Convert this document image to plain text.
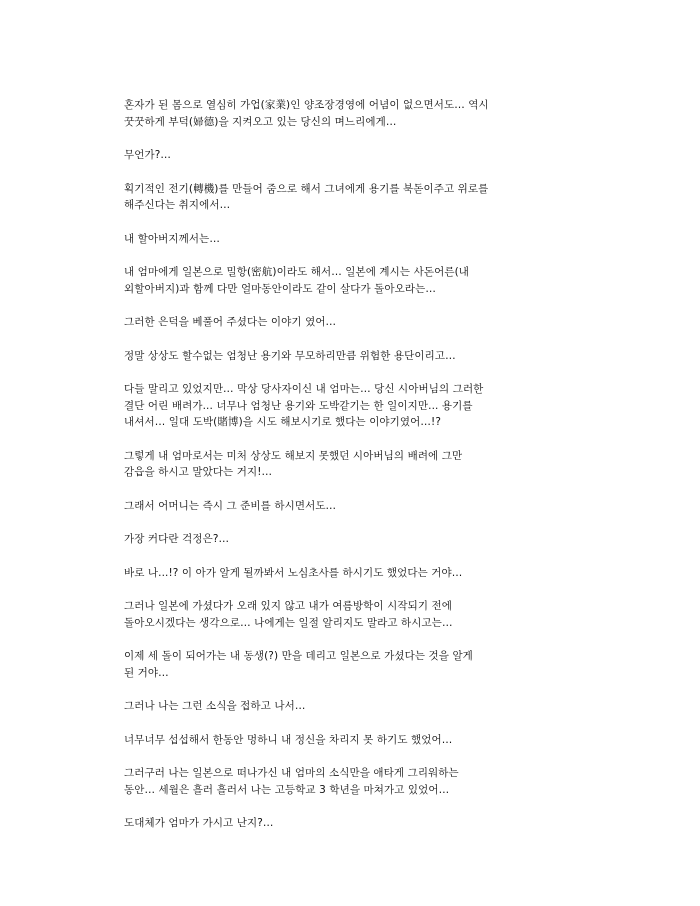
혼자가 된 몸으로 열심히 가업(家業)인 양조장경영에 어념이 없으면서도… 역시
꿋꿋하게 부덕(婦德)을 지켜오고 있는 당신의 며느리에게…

무언가?…

획기적인 전기(轉機)를 만들어 줌으로 해서 그녀에게 용기를 북돋이주고 위로를
해주신다는 취지에서…

내 할아버지께서는…

내 엄마에게 일본으로 밀항(密航)이라도 해서… 일본에 계시는 사돈어른(내
외할아버지)과 함께 다만 얼마동안이라도 같이 살다가 돌아오라는…

그러한 은덕을 베풀어 주셨다는 이야기 였어…

정말 상상도 할수없는 엄청난 용기와 무모하리만큼 위험한 용단이리고…

다들 말리고 있었지만… 막상 당사자이신 내 엄마는… 당신 시아버님의 그러한
결단 어린 배려가... 너무나 엄청난 용기와 도박같기는 한 일이지만... 용기를
내셔서… 일대 도박(賭博)을 시도 해보시기로 했다는 이야기였어…!?

그렇게 내 엄마로서는 미처 상상도 해보지 못했던 시아버님의 배려에 그만
감읍을 하시고 말았다는 거지!…

그래서 어머니는 즉시 그 준비를 하시면서도…

가장 커다란 걱정은?…

바로 나...!? 이 아가 알게 될까봐서 노심초사를 하시기도 했었다는 거야…

그러나 일본에 가셨다가 오래 있지 않고 내가 여름방학이 시작되기 전에
돌아오시겠다는 생각으로… 나에게는 일절 알리지도 말라고 하시고는…

이제 세 돌이 되어가는 내 동생(?) 만을 데리고 일본으로 가셨다는 것을 알게
된 거야…

그러나 나는 그런 소식을 접하고 나서…

너무너무 섭섭해서 한동안 멍하니 내 정신을 차리지 못 하기도 했었어…

그러구러 나는 일본으로 떠나가신 내 엄마의 소식만을 애타게 그리워하는
동안… 세월은 흘러 흘러서 나는 고등학교 3 학년을 마쳐가고 있었어…

도대체가 엄마가 가시고 난지?…
